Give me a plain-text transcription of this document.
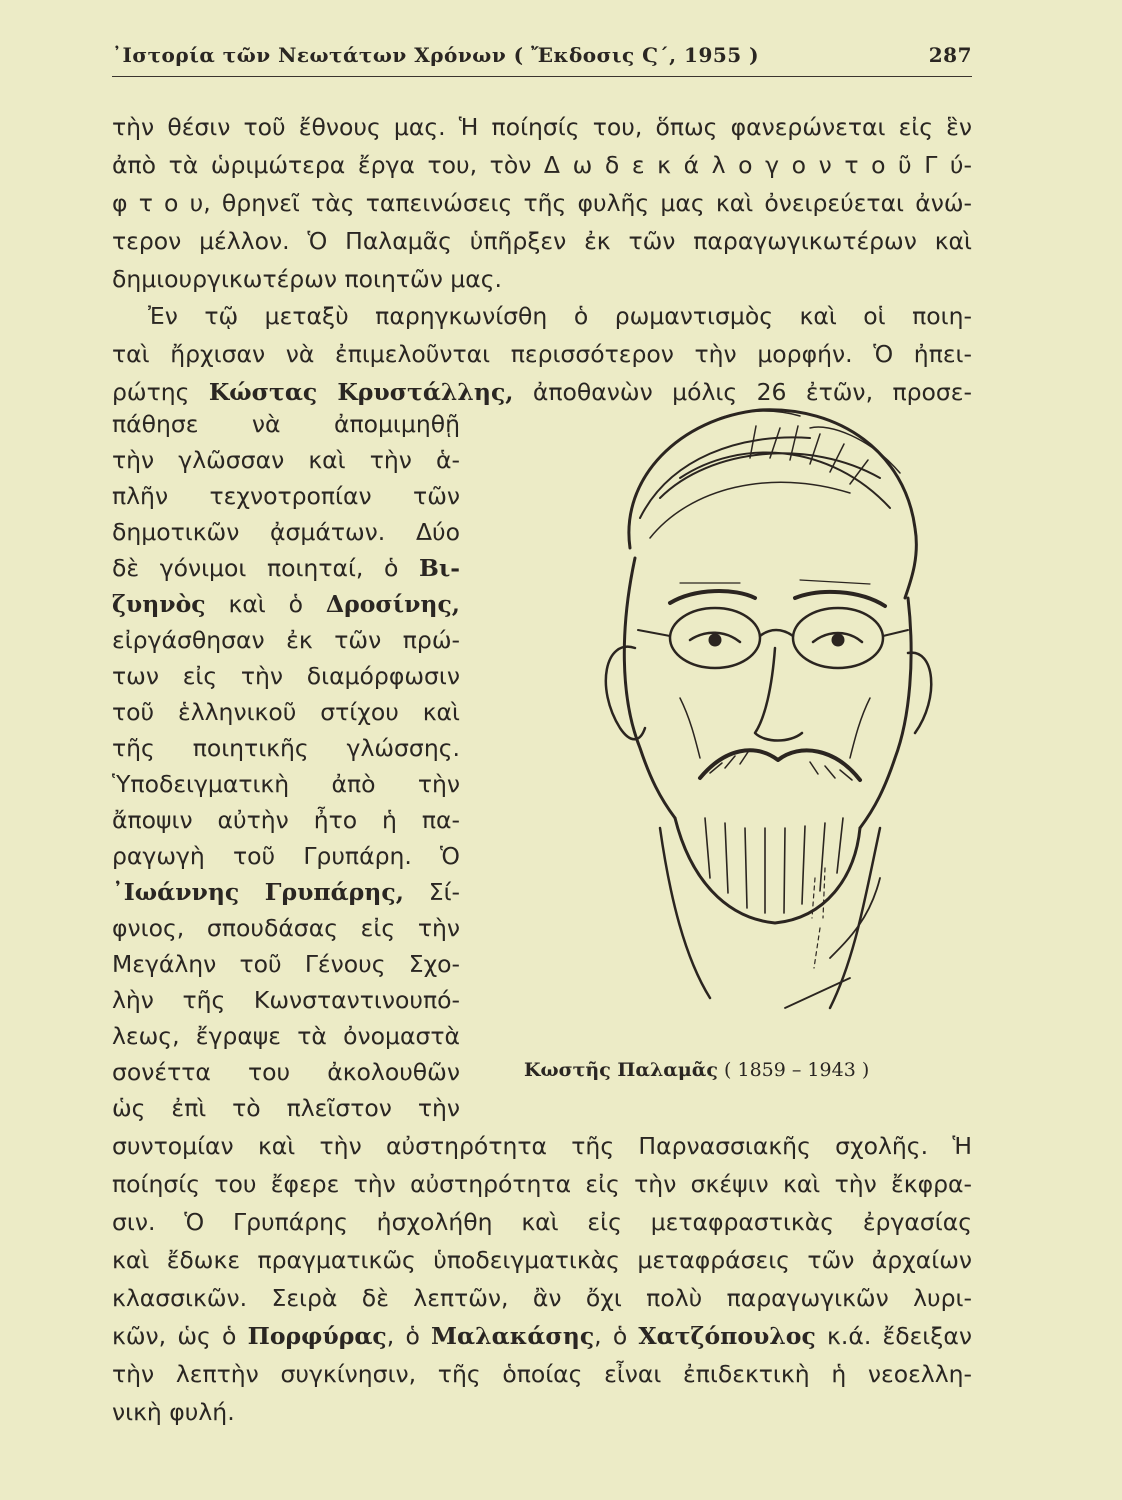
᾿Ιστορία τῶν Νεωτάτων Χρόνων ( Ἔκδοσις Ϛ΄, 1955 )	287
τὴν θέσιν τοῦ ἔθνους μας. Ἡ ποίησίς του, ὅπως φανερώνεται εἰς ἓν
ἀπὸ τὰ ὡριμώτερα ἔργα του, τὸν Δ ω δ ε κ ά λ ο γ ο ν τ ο ῦ Γ ύ-
φ τ ο υ, θρηνεῖ τὰς ταπεινώσεις τῆς φυλῆς μας καὶ ὀνειρεύεται ἀνώ-
τερον μέλλον. Ὁ Παλαμᾶς ὑπῆρξεν ἐκ τῶν παραγωγικωτέρων καὶ
δημιουργικωτέρων ποιητῶν μας.
Ἐν τῷ μεταξὺ παρηγκωνίσθη ὁ ρωμαντισμὸς καὶ οἱ ποιη-
ταὶ ἤρχισαν νὰ ἐπιμελοῦνται περισσότερον τὴν μορφήν. Ὁ ἠπει-
ρώτης Κώστας Κρυστάλλης, ἀποθανὼν μόλις 26 ἐτῶν, προσε-
πάθησε νὰ ἀπομιμηθῇ
τὴν γλῶσσαν καὶ τὴν ἁ-
πλῆν τεχνοτροπίαν τῶν
δημοτικῶν ᾀσμάτων. Δύο
δὲ γόνιμοι ποιηταί, ὁ Βι-
ζυηνὸς καὶ ὁ Δροσίνης,
εἰργάσθησαν ἐκ τῶν πρώ-
των εἰς τὴν διαμόρφωσιν
τοῦ ἑλληνικοῦ στίχου καὶ
τῆς ποιητικῆς γλώσσης.
Ὑποδειγματικὴ ἀπὸ τὴν
ἄποψιν αὐτὴν ἦτο ἡ πα-
ραγωγὴ τοῦ Γρυπάρη. Ὁ
᾿Ιωάννης Γρυπάρης, Σί-
φνιος, σπουδάσας εἰς τὴν
Μεγάλην τοῦ Γένους Σχο-
λὴν τῆς Κωνσταντινουπό-
λεως, ἔγραψε τὰ ὀνομαστὰ
σονέττα του ἀκολουθῶν
ὡς ἐπὶ τὸ πλεῖστον τὴν
συντομίαν καὶ τὴν αὐστηρότητα τῆς Παρνασσιακῆς σχολῆς. Ἡ
ποίησίς του ἔφερε τὴν αὐστηρότητα εἰς τὴν σκέψιν καὶ τὴν ἔκφρα-
σιν. Ὁ Γρυπάρης ἠσχολήθη καὶ εἰς μεταφραστικὰς ἐργασίας
καὶ ἔδωκε πραγματικῶς ὑποδειγματικὰς μεταφράσεις τῶν ἀρχαίων
κλασσικῶν. Σειρὰ δὲ λεπτῶν, ἂν ὄχι πολὺ παραγωγικῶν λυρι-
κῶν, ὡς ὁ Πορφύρας, ὁ Μαλακάσης, ὁ Χατζόπουλος κ.ά. ἔδειξαν
τὴν λεπτὴν συγκίνησιν, τῆς ὁποίας εἶναι ἐπιδεκτικὴ ἡ νεοελλη-
νικὴ φυλή.
Κωστῆς Παλαμᾶς ( 1859 – 1943 )
